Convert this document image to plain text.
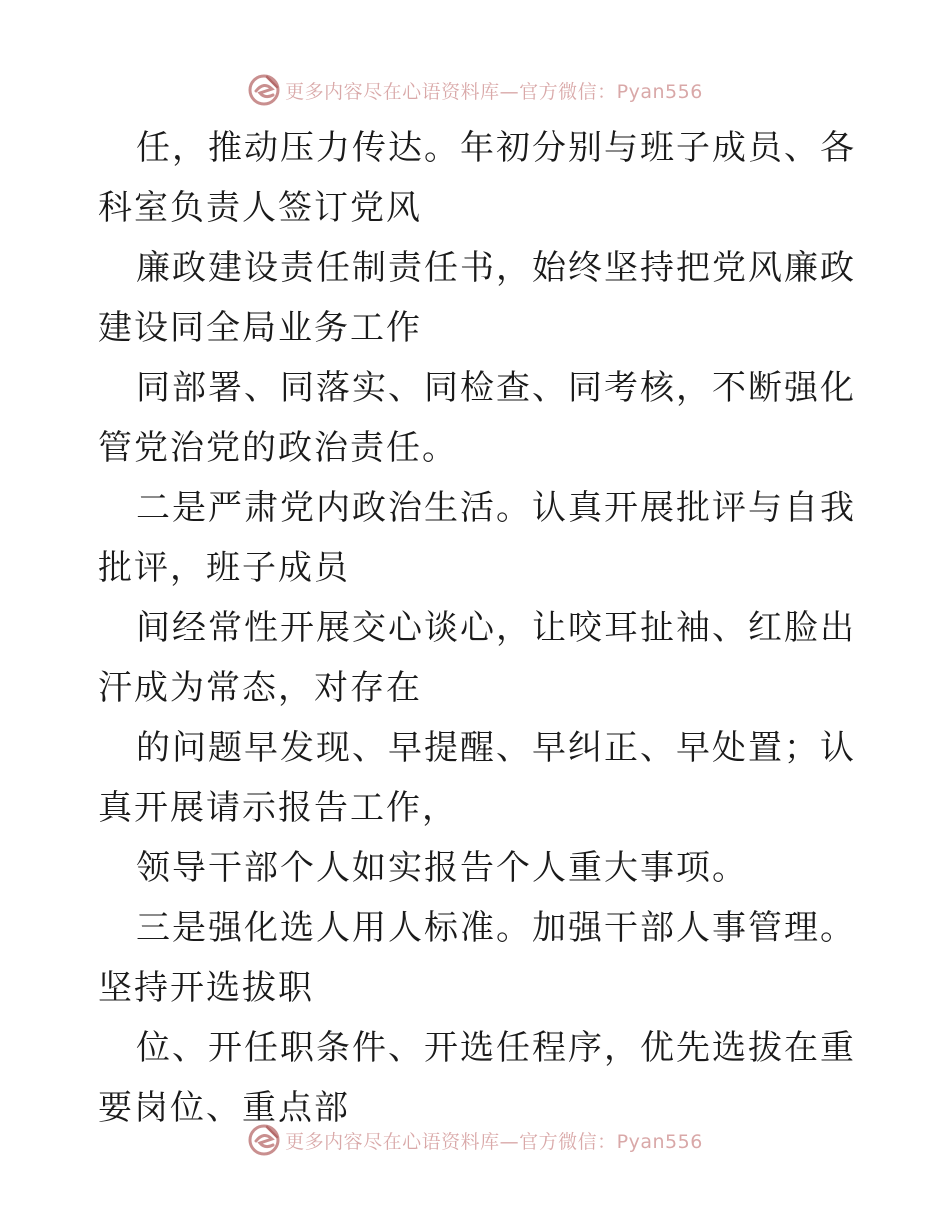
更多内容尽在心语资料库—官方微信：Pyan556

任，推动压力传达。年初分别与班子成员、各科室负责人签订党风

廉政建设责任制责任书，始终坚持把党风廉政建设同全局业务工作

同部署、同落实、同检查、同考核，不断强化管党治党的政治责任。

二是严肃党内政治生活。认真开展批评与自我批评，班子成员

间经常性开展交心谈心，让咬耳扯袖、红脸出汗成为常态，对存在

的问题早发现、早提醒、早纠正、早处置；认真开展请示报告工作，

领导干部个人如实报告个人重大事项。

三是强化选人用人标准。加强干部人事管理。坚持开选拔职

位、开任职条件、开选任程序，优先选拔在重要岗位、重点部

更多内容尽在心语资料库—官方微信：Pyan556
